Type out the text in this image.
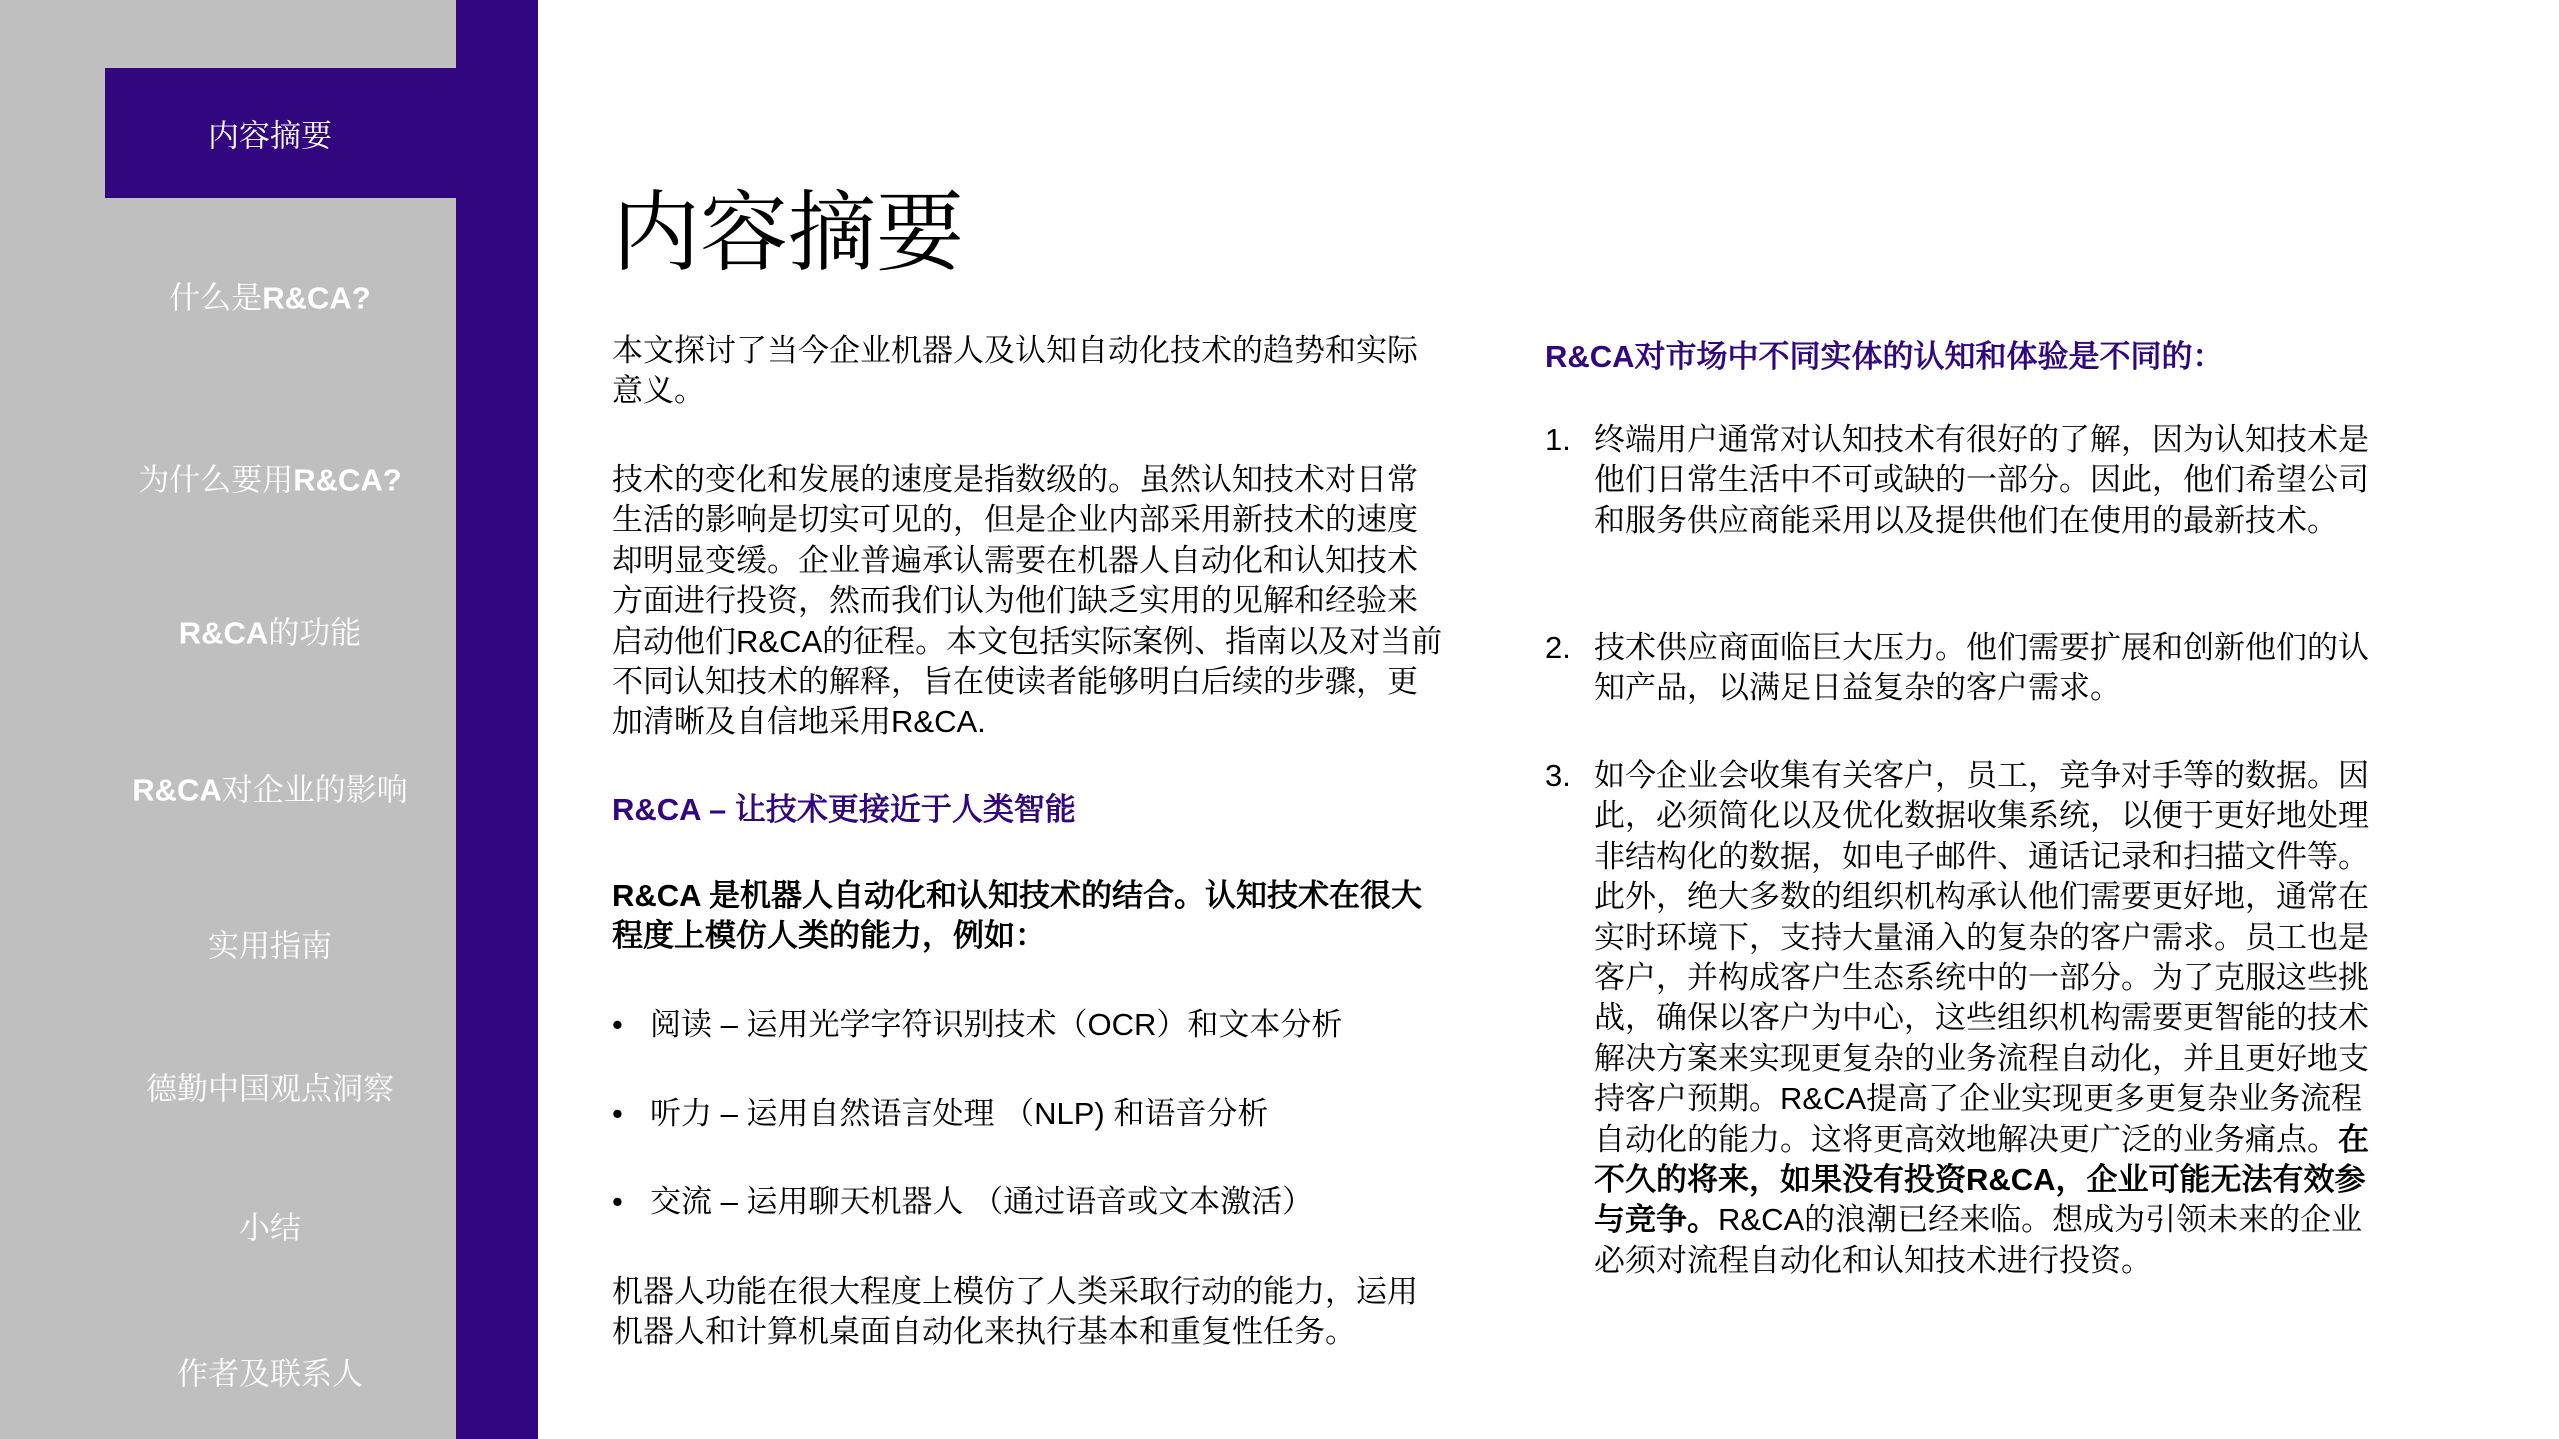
内容摘要
什么是R&CA?
为什么要用R&CA?
R&CA的功能
R&CA对企业的影响
实用指南
德勤中国观点洞察
小结
作者及联系人
内容摘要

本文探讨了当今企业机器人及认知自动化技术的趋势和实际意义。

技术的变化和发展的速度是指数级的。虽然认知技术对日常生活的影响是切实可见的，但是企业内部采用新技术的速度却明显变缓。企业普遍承认需要在机器人自动化和认知技术方面进行投资，然而我们认为他们缺乏实用的见解和经验来启动他们R&CA的征程。本文包括实际案例、指南以及对当前不同认知技术的解释，旨在使读者能够明白后续的步骤，更加清晰及自信地采用R&CA.

R&CA – 让技术更接近于人类智能

R&CA 是机器人自动化和认知技术的结合。认知技术在很大程度上模仿人类的能力，例如：

• 阅读 – 运用光学字符识别技术（OCR）和文本分析
• 听力 – 运用自然语言处理 （NLP) 和语音分析
• 交流 – 运用聊天机器人 （通过语音或文本激活）

机器人功能在很大程度上模仿了人类采取行动的能力，运用机器人和计算机桌面自动化来执行基本和重复性任务。

R&CA对市场中不同实体的认知和体验是不同的：
1. 终端用户通常对认知技术有很好的了解，因为认知技术是他们日常生活中不可或缺的一部分。因此，他们希望公司和服务供应商能采用以及提供他们在使用的最新技术。
2. 技术供应商面临巨大压力。他们需要扩展和创新他们的认知产品，以满足日益复杂的客户需求。
3. 如今企业会收集有关客户，员工，竞争对手等的数据。因此，必须简化以及优化数据收集系统，以便于更好地处理非结构化的数据，如电子邮件、通话记录和扫描文件等。此外，绝大多数的组织机构承认他们需要更好地，通常在实时环境下，支持大量涌入的复杂的客户需求。员工也是客户，并构成客户生态系统中的一部分。为了克服这些挑战，确保以客户为中心，这些组织机构需要更智能的技术解决方案来实现更复杂的业务流程自动化，并且更好地支持客户预期。R&CA提高了企业实现更多更复杂业务流程自动化的能力。这将更高效地解决更广泛的业务痛点。在不久的将来，如果没有投资R&CA，企业可能无法有效参与竞争。R&CA的浪潮已经来临。想成为引领未来的企业必须对流程自动化和认知技术进行投资。
